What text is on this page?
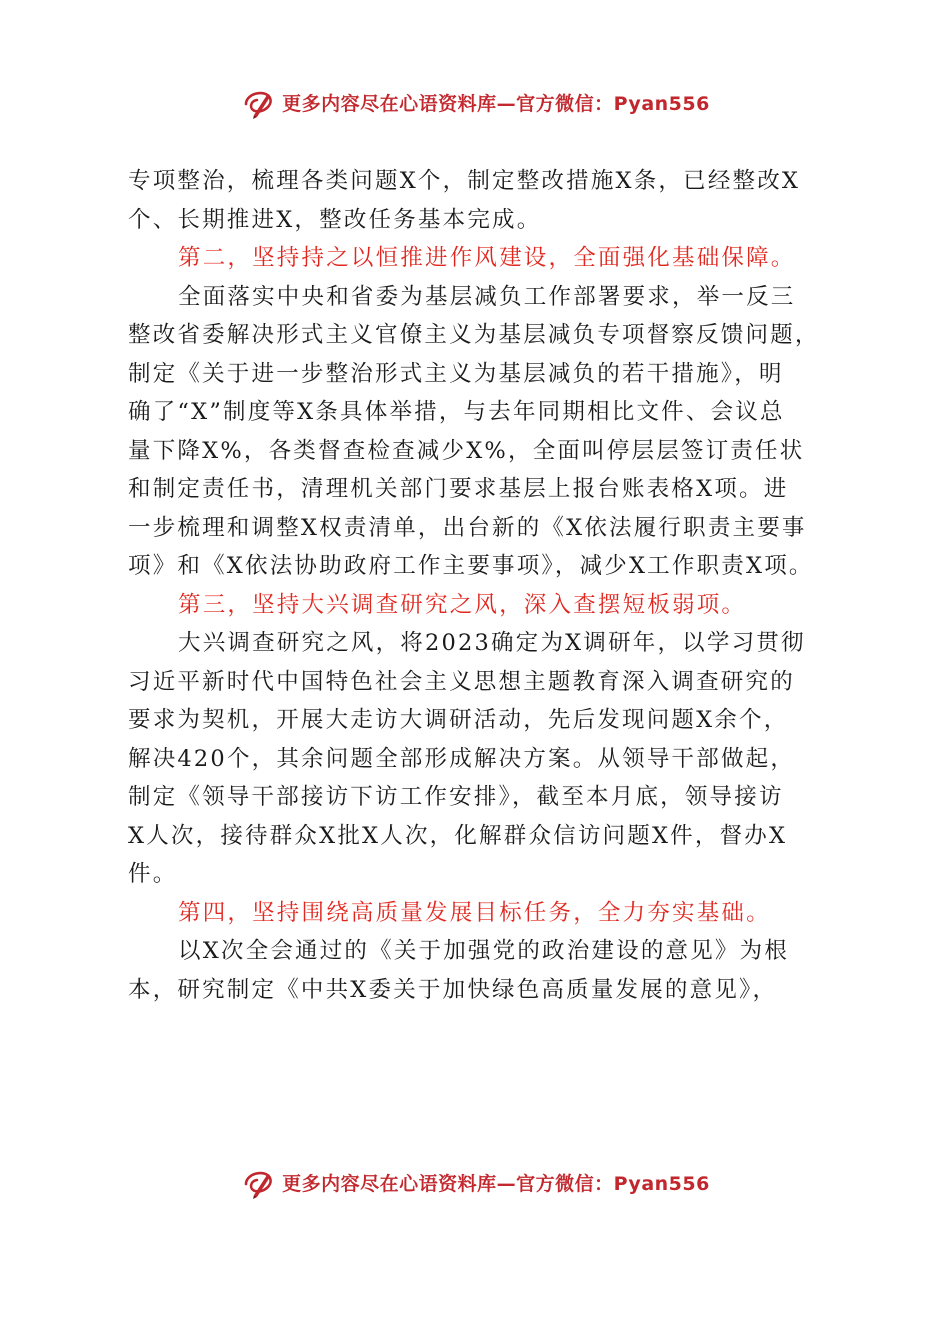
更多内容尽在心语资料库—官方微信：Pyan556
专项整治，梳理各类问题X个，制定整改措施X条，已经整改X
个、长期推进X，整改任务基本完成。
第二，坚持持之以恒推进作风建设，全面强化基础保障。
全面落实中央和省委为基层减负工作部署要求，举一反三
整改省委解决形式主义官僚主义为基层减负专项督察反馈问题，
制定《关于进一步整治形式主义为基层减负的若干措施》，明
确了“X”制度等X条具体举措，与去年同期相比文件、会议总
量下降X%，各类督查检查减少X%，全面叫停层层签订责任状
和制定责任书，清理机关部门要求基层上报台账表格X项。进
一步梳理和调整X权责清单，出台新的《X依法履行职责主要事
项》和《X依法协助政府工作主要事项》，减少X工作职责X项。
第三，坚持大兴调查研究之风，深入查摆短板弱项。
大兴调查研究之风，将2023确定为X调研年，以学习贯彻
习近平新时代中国特色社会主义思想主题教育深入调查研究的
要求为契机，开展大走访大调研活动，先后发现问题X余个，
解决420个，其余问题全部形成解决方案。从领导干部做起，
制定《领导干部接访下访工作安排》，截至本月底，领导接访
X人次，接待群众X批X人次，化解群众信访问题X件，督办X
件。
第四，坚持围绕高质量发展目标任务，全力夯实基础。
以X次全会通过的《关于加强党的政治建设的意见》为根
本，研究制定《中共X委关于加快绿色高质量发展的意见》，
更多内容尽在心语资料库—官方微信：Pyan556
